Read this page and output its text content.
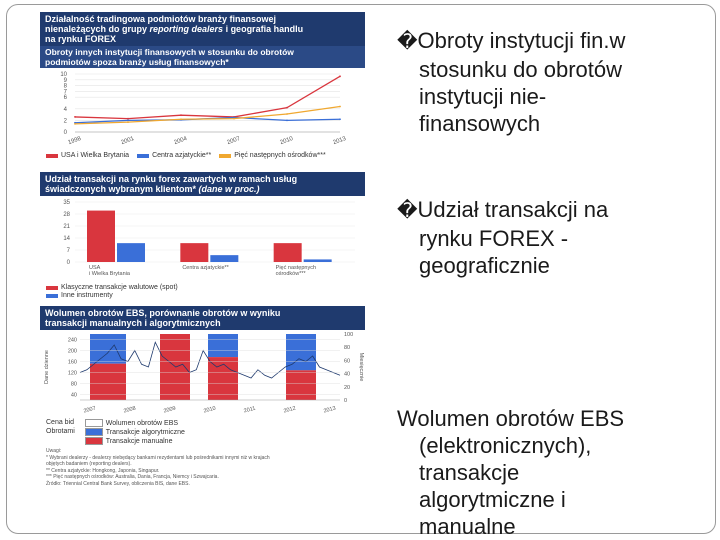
Działalność tradingowa podmiotów branży finansowej
nienależących do grupy reporting dealers i geografia handlu
na rynku FOREX
Obroty innych instytucji finansowych w stosunku do obrotów
podmiotów spoza branży usług finansowych*
10
9
8
7
6
4
2
0
1998	2001	2004	2007	2010	2013
USA i Wielka Brytania	Centra azjatyckie**	Pięć następnych ośrodków***
Udział transakcji na rynku forex zawartych w ramach usług
świadczonych wybranym klientom* (dane w proc.)
35
28
21
14
7
0
USA
i Wielka Brytania
Centra azjatyckie**	Pięć następnych
ośrodków***
Klasyczne transakcje walutowe (spot)
Inne instrumenty
Wolumen obrotów EBS, porównanie obrotów w wyniku
transakcji manualnych i algorytmicznych
240
200
160
120
80
40
100
80
60
40
20
0
Dane dzienne	Miesięcznie
2007	2008	2009	2010	2011	2012	2013
Cena bid
Obrotami
Wolumen obrotów EBS
Transakcje algorytmiczne
Transakcje manualne
Uwagi:
* Wybrani dealerzy - dealerzy niebędący bankami rezydentami lub pośrednikami innymi niż w krajach
objętych badaniem (reporting dealers).
** Centra azjatyckie: Hongkong, Japonia, Singapur.
*** Pięć następnych ośrodków: Australia, Dania, Francja, Niemcy i Szwajcaria.
Źródło: Triennial Central Bank Survey, obliczenia BIS, dane EBS.
�Obroty instytucji fin.w
stosunku do obrotów
instytucji nie-
finansowych
�Udział transakcji na
rynku FOREX -
geograficznie
Wolumen obrotów EBS
(elektronicznych),
transakcje
algorytmiczne i
manualne
